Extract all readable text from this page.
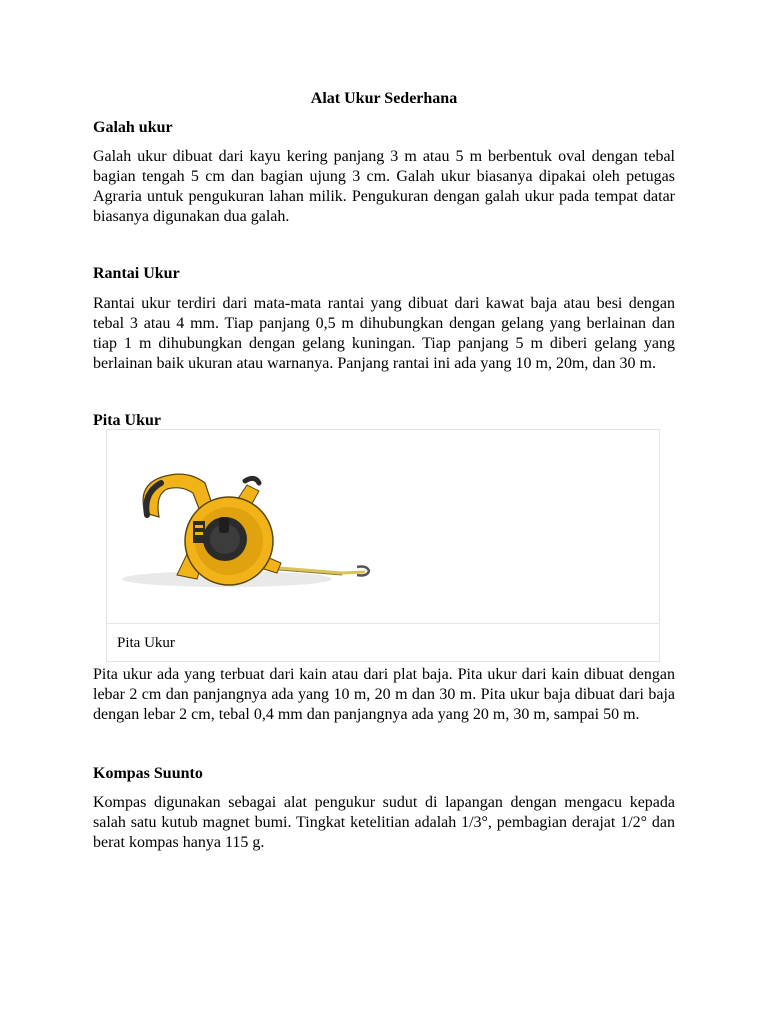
Alat Ukur Sederhana
Galah ukur
Galah ukur dibuat dari kayu kering panjang 3 m atau 5 m berbentuk oval dengan tebal bagian tengah 5 cm dan bagian ujung 3 cm. Galah ukur biasanya dipakai oleh petugas Agraria untuk pengukuran lahan milik. Pengukuran dengan galah ukur pada tempat datar biasanya digunakan dua galah.
Rantai Ukur
Rantai ukur terdiri dari mata-mata rantai yang dibuat dari kawat baja atau besi dengan tebal 3 atau 4 mm. Tiap panjang 0,5 m dihubungkan dengan gelang yang berlainan dan tiap 1 m dihubungkan dengan gelang kuningan. Tiap panjang 5 m diberi gelang yang berlainan baik ukuran atau warnanya. Panjang rantai ini ada yang 10 m, 20m, dan 30 m.
Pita Ukur
Pita Ukur
Pita ukur ada yang terbuat dari kain atau dari plat baja. Pita ukur dari kain dibuat dengan lebar 2 cm dan panjangnya ada yang 10 m, 20 m dan 30 m. Pita ukur baja dibuat dari baja dengan lebar 2 cm, tebal 0,4 mm dan panjangnya ada yang 20 m, 30 m, sampai 50 m.
Kompas Suunto
Kompas digunakan sebagai alat pengukur sudut di lapangan dengan mengacu kepada salah satu kutub magnet bumi. Tingkat ketelitian adalah 1/3°, pembagian derajat 1/2° dan berat kompas hanya 115 g.
